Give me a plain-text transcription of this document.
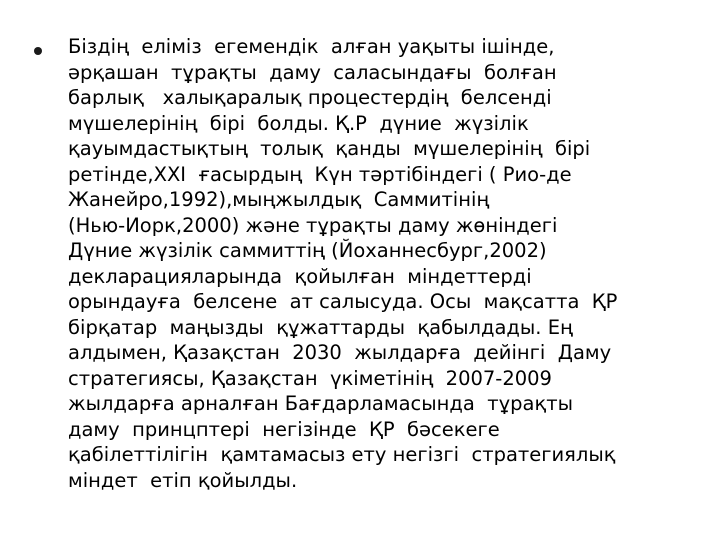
Біздің  еліміз  егемендік  алған уақыты ішінде,
әрқашан  тұрақты  даму  саласындағы  болған
барлық   халықаралық процестердің  белсенді
мүшелерінің  бірі  болды. Қ.Р  дүние  жүзілік
қауымдастықтың  толық  қанды  мүшелерінің  бірі
ретінде,XXI  ғасырдың  Күн тәртібіндегі ( Рио-де
Жанейро,1992),мыңжылдық  Саммитінің
(Нью-Иорк,2000) және тұрақты даму жөніндегі
Дүние жүзілік саммиттің (Йоханнесбург,2002)
декларацияларында  қойылған  міндеттерді
орындауға  белсене  ат салысуда. Осы  мақсатта  ҚР
бірқатар  маңызды  құжаттарды  қабылдады. Ең
алдымен, Қазақстан  2030  жылдарға  дейінгі  Даму
стратегиясы, Қазақстан  үкіметінің  2007-2009
жылдарға арналған Бағдарламасында  тұрақты
даму  принцптері  негізінде  ҚР  бәсекеге
қабілеттілігін  қамтамасыз ету негізгі  стратегиялық
міндет  етіп қойылды.
